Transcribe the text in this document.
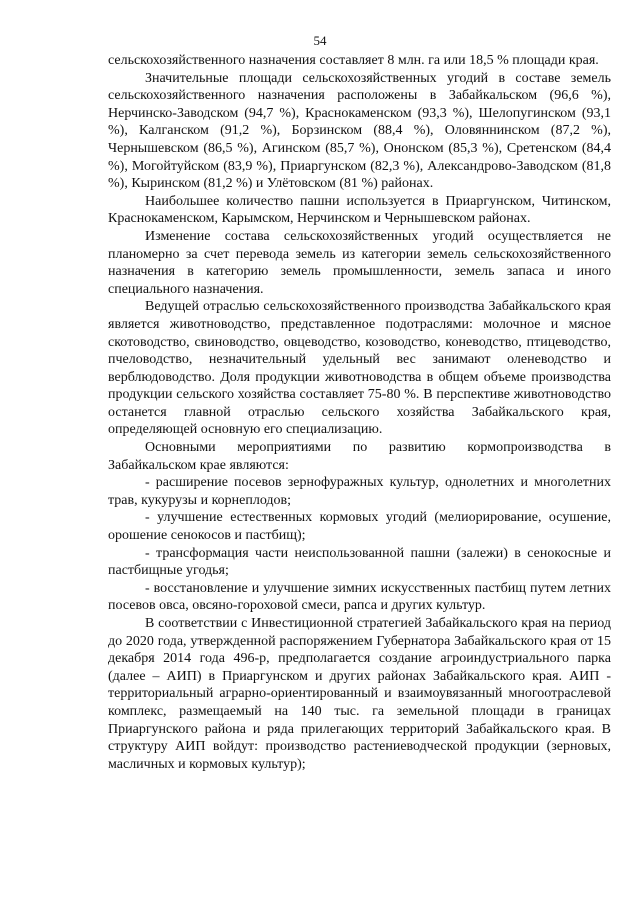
54

сельскохозяйственного назначения составляет 8 млн. га или 18,5 % площади края.

Значительные площади сельскохозяйственных угодий в составе земель сельскохозяйственного назначения расположены в Забайкальском (96,6 %), Нерчинско-Заводском (94,7 %), Краснокаменском (93,3 %), Шелопугинском (93,1 %), Калганском (91,2 %), Борзинском (88,4 %), Оловяннинском (87,2 %), Чернышевском (86,5 %), Агинском (85,7 %), Ононском (85,3 %), Сретенском (84,4 %), Могойтуйском (83,9 %), Приаргунском (82,3 %), Александрово-Заводском (81,8 %), Кыринском (81,2 %) и Улётовском (81 %) районах.

Наибольшее количество пашни используется в Приаргунском, Читинском, Краснокаменском, Карымском, Нерчинском и Чернышевском районах.

Изменение состава сельскохозяйственных угодий осуществляется не планомерно за счет перевода земель из категории земель сельскохозяйственного назначения в категорию земель промышленности, земель запаса и иного специального назначения.

Ведущей отраслью сельскохозяйственного производства Забайкальского края является животноводство, представленное подотраслями: молочное и мясное скотоводство, свиноводство, овцеводство, козоводство, коневодство, птицеводство, пчеловодство, незначительный удельный вес занимают оленеводство и верблюдоводство. Доля продукции животноводства в общем объеме производства продукции сельского хозяйства составляет 75-80 %. В перспективе животноводство останется главной отраслью сельского хозяйства Забайкальского края, определяющей основную его специализацию.

Основными мероприятиями по развитию кормопроизводства в Забайкальском крае являются:

- расширение посевов зернофуражных культур, однолетних и многолетних трав, кукурузы и корнеплодов;

- улучшение естественных кормовых угодий (мелиорирование, осушение, орошение сенокосов и пастбищ);

- трансформация части неиспользованной пашни (залежи) в сенокосные и пастбищные угодья;

- восстановление и улучшение зимних искусственных пастбищ путем летних посевов овса, овсяно-гороховой смеси, рапса и других культур.

В соответствии с Инвестиционной стратегией Забайкальского края на период до 2020 года, утвержденной распоряжением Губернатора Забайкальского края от 15 декабря 2014 года 496-р, предполагается создание агроиндустриального парка (далее – АИП) в Приаргунском и других районах Забайкальского края. АИП - территориальный аграрно-ориентированный и взаимоувязанный многоотраслевой комплекс, размещаемый на 140 тыс. га земельной площади в границах Приаргунского района и ряда прилегающих территорий Забайкальского края. В структуру АИП войдут: производство растениеводческой продукции (зерновых, масличных и кормовых культур);
